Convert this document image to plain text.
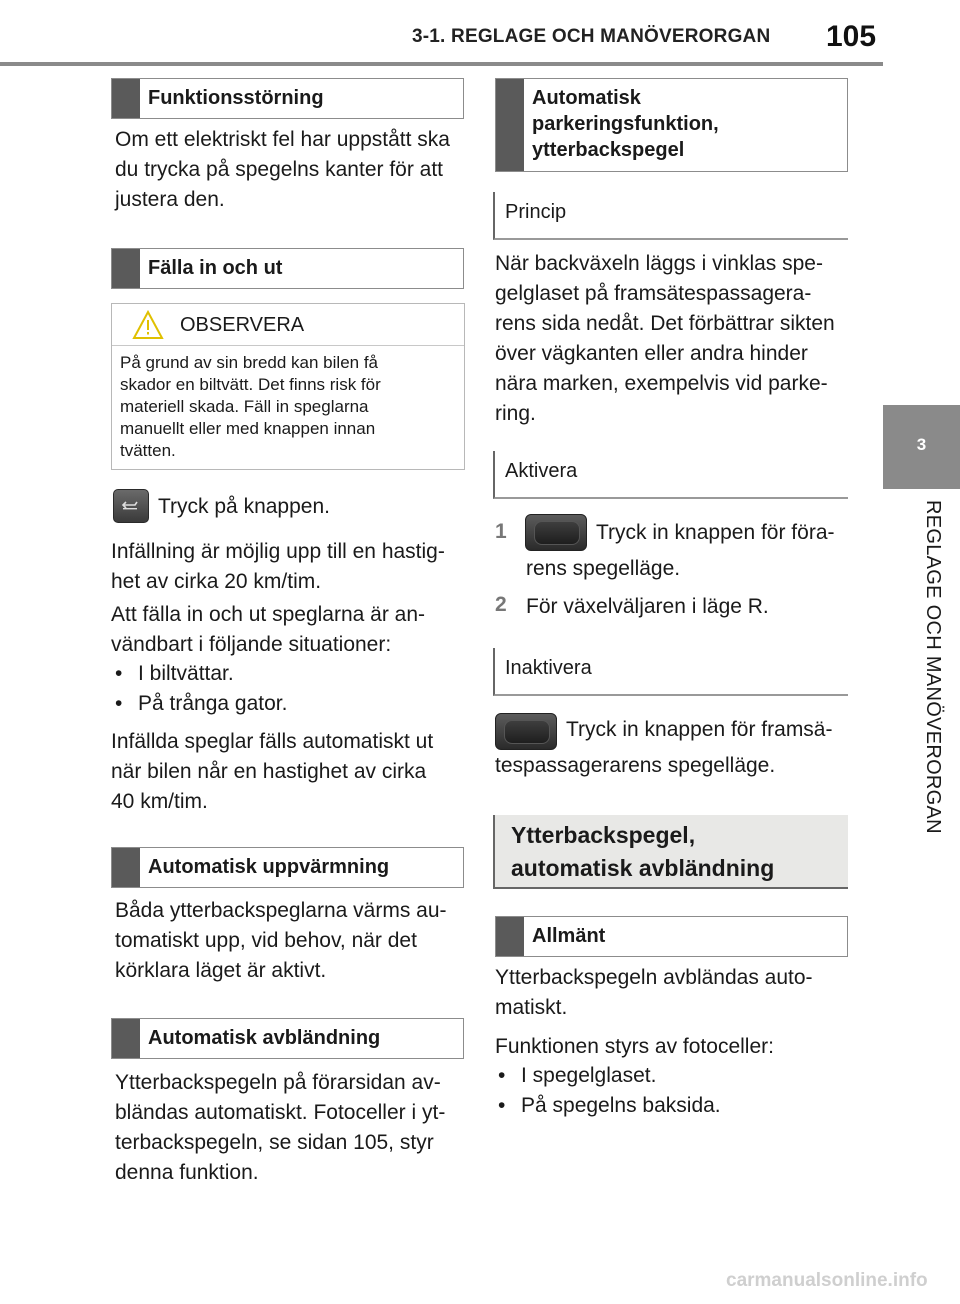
3-1. REGLAGE OCH MANÖVERORGAN 105
3
REGLAGE OCH MANÖVERORGAN
Funktionsstörning
Om ett elektriskt fel har uppstått ska
du trycka på spegelns kanter för att
justera den.
Fälla in och ut
OBSERVERA
På grund av sin bredd kan bilen få
skador en biltvätt. Det finns risk för
materiell skada. Fäll in speglarna
manuellt eller med knappen innan
tvätten.
Tryck på knappen.
Infällning är möjlig upp till en hastig-
het av cirka 20 km/tim.
Att fälla in och ut speglarna är an-
vändbart i följande situationer:
• I biltvättar.
• På trånga gator.
Infällda speglar fälls automatiskt ut
när bilen når en hastighet av cirka
40 km/tim.
Automatisk uppvärmning
Båda ytterbackspeglarna värms au-
tomatiskt upp, vid behov, när det
körklara läget är aktivt.
Automatisk avbländning
Ytterbackspegeln på förarsidan av-
bländas automatiskt. Fotoceller i yt-
terbackspegeln, se sidan 105, styr
denna funktion.
Automatisk
parkeringsfunktion,
ytterbackspegel
Princip
När backväxeln läggs i vinklas spe-
gelglaset på framsätespassagera-
rens sida nedåt. Det förbättrar sikten
över vägkanten eller andra hinder
nära marken, exempelvis vid parke-
ring.
Aktivera
1	Tryck in knappen för föra-
rens spegelläge.
2 För växelväljaren i läge R.
Inaktivera
Tryck in knappen för framsä-
tespassagerarens spegelläge.
Ytterbackspegel,
automatisk avbländning
Allmänt
Ytterbackspegeln avbländas auto-
matiskt.
Funktionen styrs av fotoceller:
• I spegelglaset.
• På spegelns baksida.
carmanualsonline.info
